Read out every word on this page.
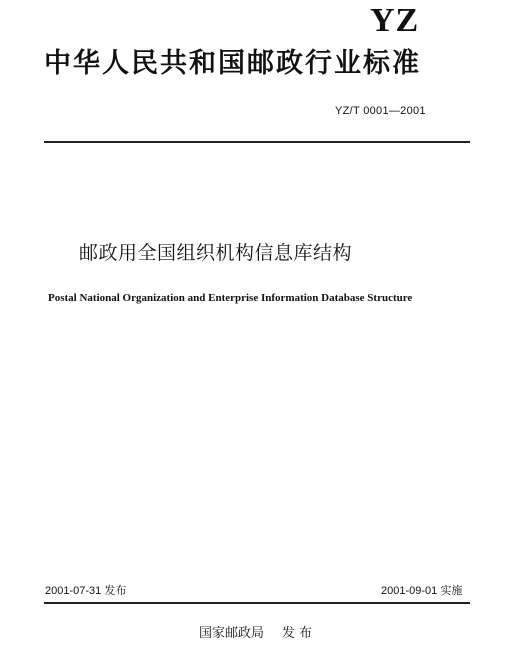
YZ
中华人民共和国邮政行业标准
YZ/T 0001—2001
邮政用全国组织机构信息库结构
Postal National Organization and Enterprise Information Database Structure
2001-07-31 发布	2001-09-01 实施
国家邮政局 发 布
